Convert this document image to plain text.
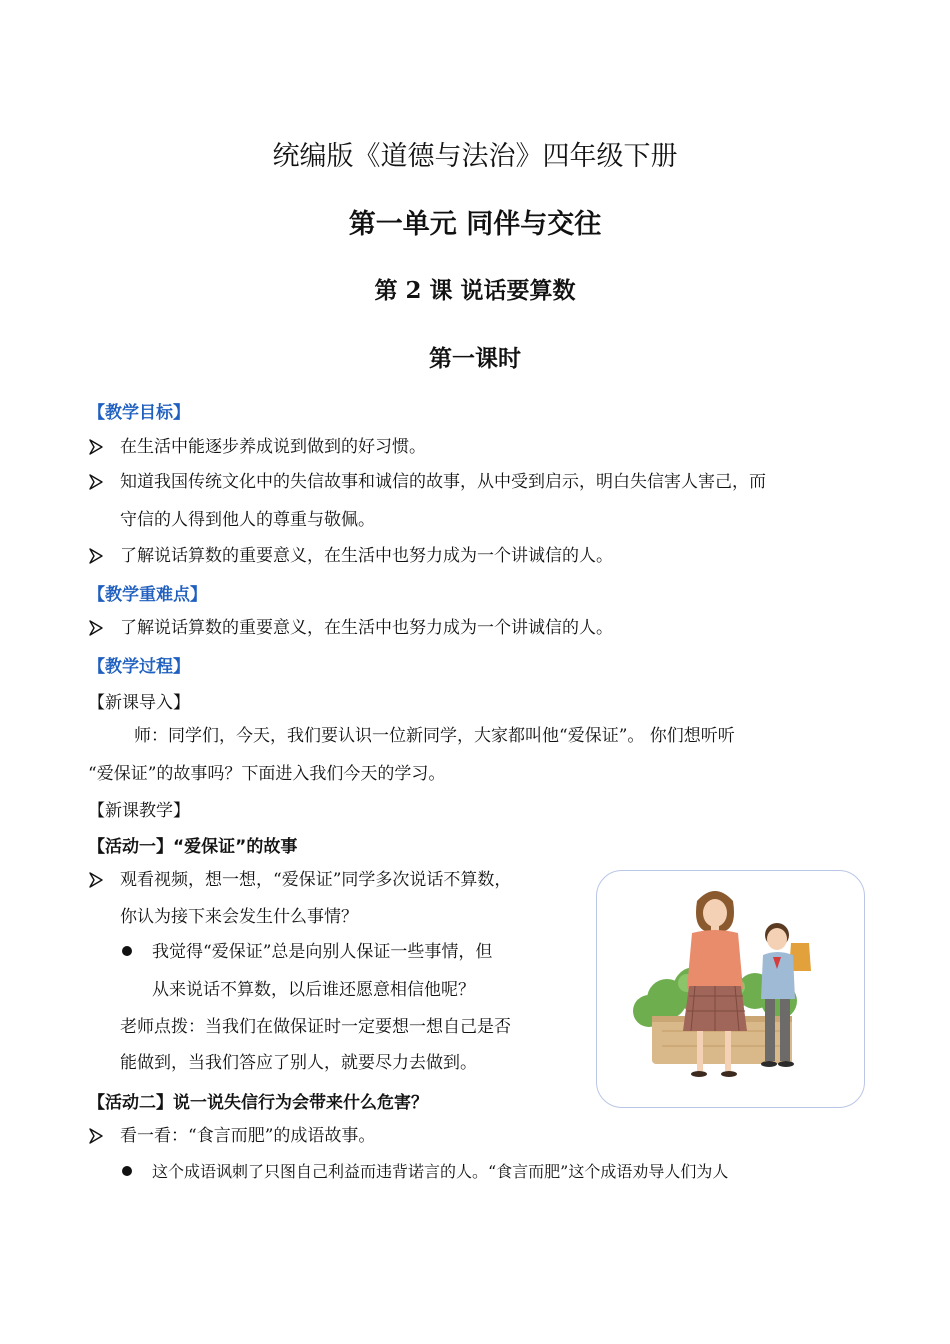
统编版《道德与法治》四年级下册
第一单元 同伴与交往
第 2 课 说话要算数
第一课时
【教学目标】
在生活中能逐步养成说到做到的好习惯。
知道我国传统文化中的失信故事和诚信的故事，从中受到启示，明白失信害人害己，而
守信的人得到他人的尊重与敬佩。
了解说话算数的重要意义，在生活中也努力成为一个讲诚信的人。
【教学重难点】
了解说话算数的重要意义，在生活中也努力成为一个讲诚信的人。
【教学过程】
【新课导入】
师：同学们，今天，我们要认识一位新同学，大家都叫他“爱保证”。 你们想听听
“爱保证”的故事吗？下面进入我们今天的学习。
【新课教学】
【活动一】“爱保证”的故事
观看视频，想一想，“爱保证”同学多次说话不算数，
你认为接下来会发生什么事情？
我觉得“爱保证”总是向别人保证一些事情，但
从来说话不算数，以后谁还愿意相信他呢？
老师点拨：当我们在做保证时一定要想一想自己是否
能做到，当我们答应了别人，就要尽力去做到。
【活动二】说一说失信行为会带来什么危害？
看一看：“食言而肥”的成语故事。
这个成语讽刺了只图自己利益而违背诺言的人。“食言而肥”这个成语劝导人们为人
